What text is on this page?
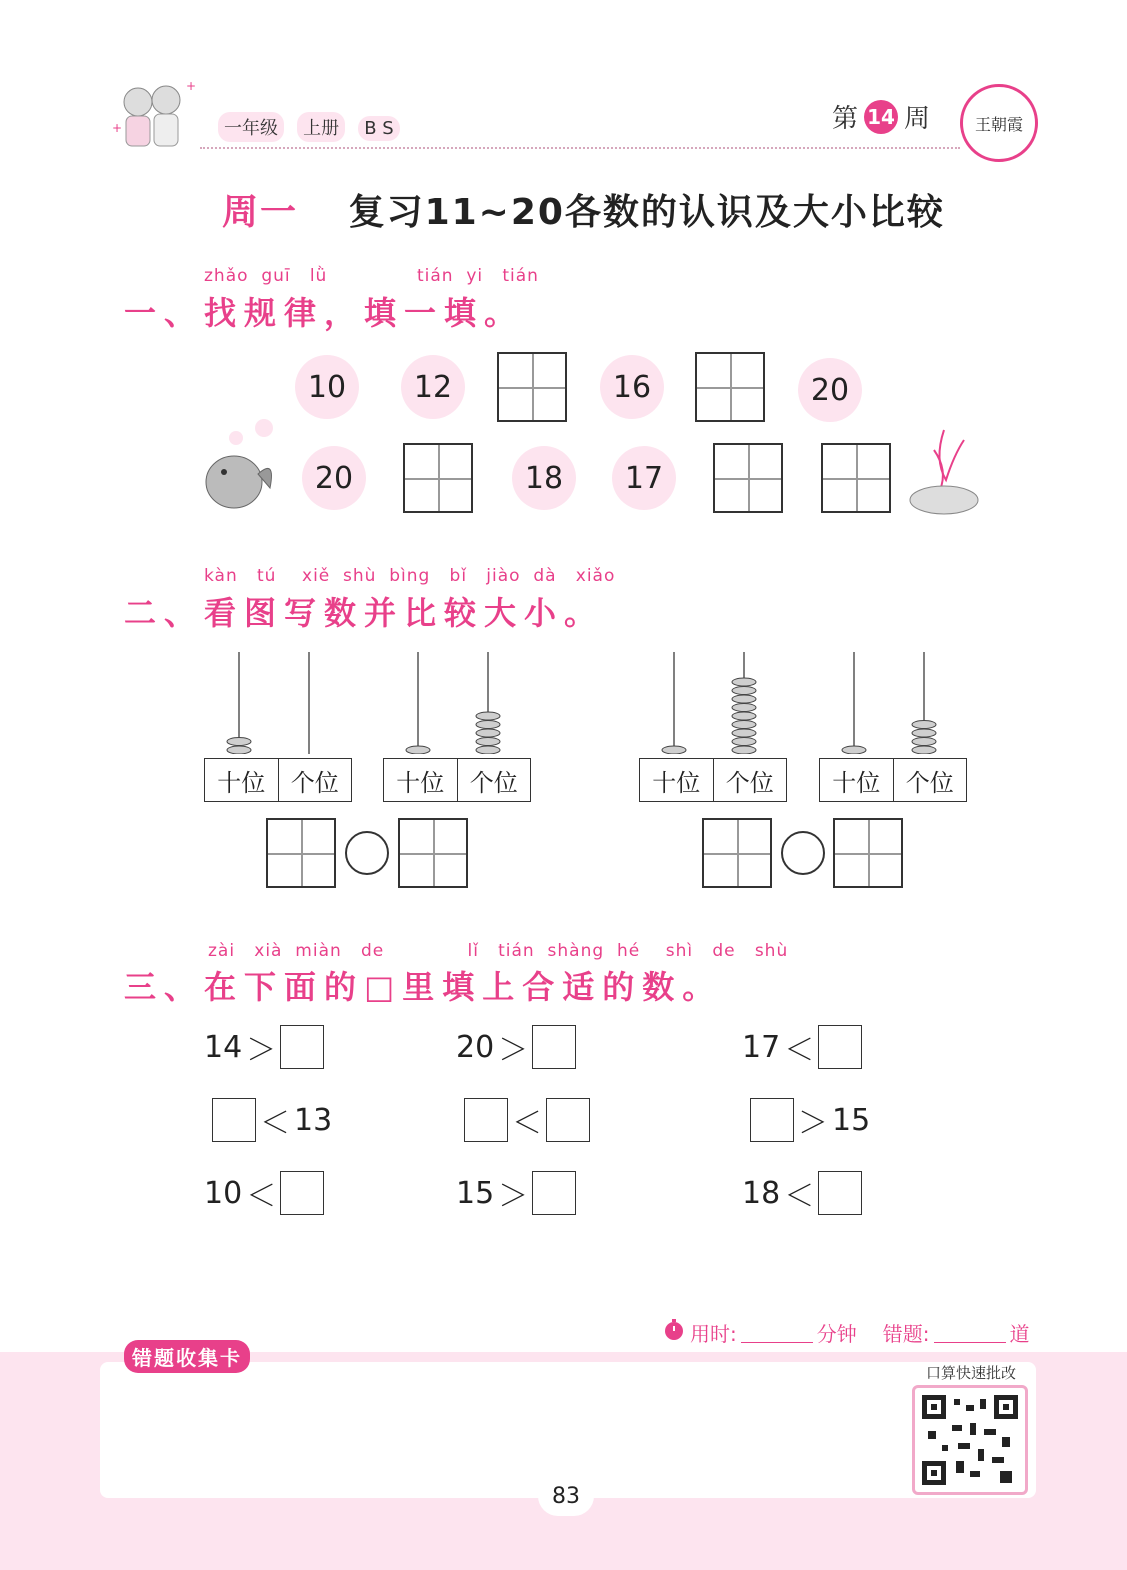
+
+	一年级 上册 B S	第 14 周	王朝霞
周一 复习11~20各数的认识及大小比较
zhǎo  guī   lǜ              tián  yi   tián
一、找规律，填一填。
10	12	16	20
20	18	17
kàn   tú    xiě  shù  bìng   bǐ   jiào  dà   xiǎo
二、看图写数并比较大小。
十位	个位	十位	个位	十位	个位	十位	个位
zài   xià  miàn   de             lǐ   tián  shàng  hé    shì   de   shù
三、在下面的□里填上合适的数。
14 ＞	20 ＞	17 ＜
＜ 13	＜	＞ 15
10 ＜	15 ＞	18 ＜
用时:	分钟 错题:	道
错题收集卡
口算快速批改
83
